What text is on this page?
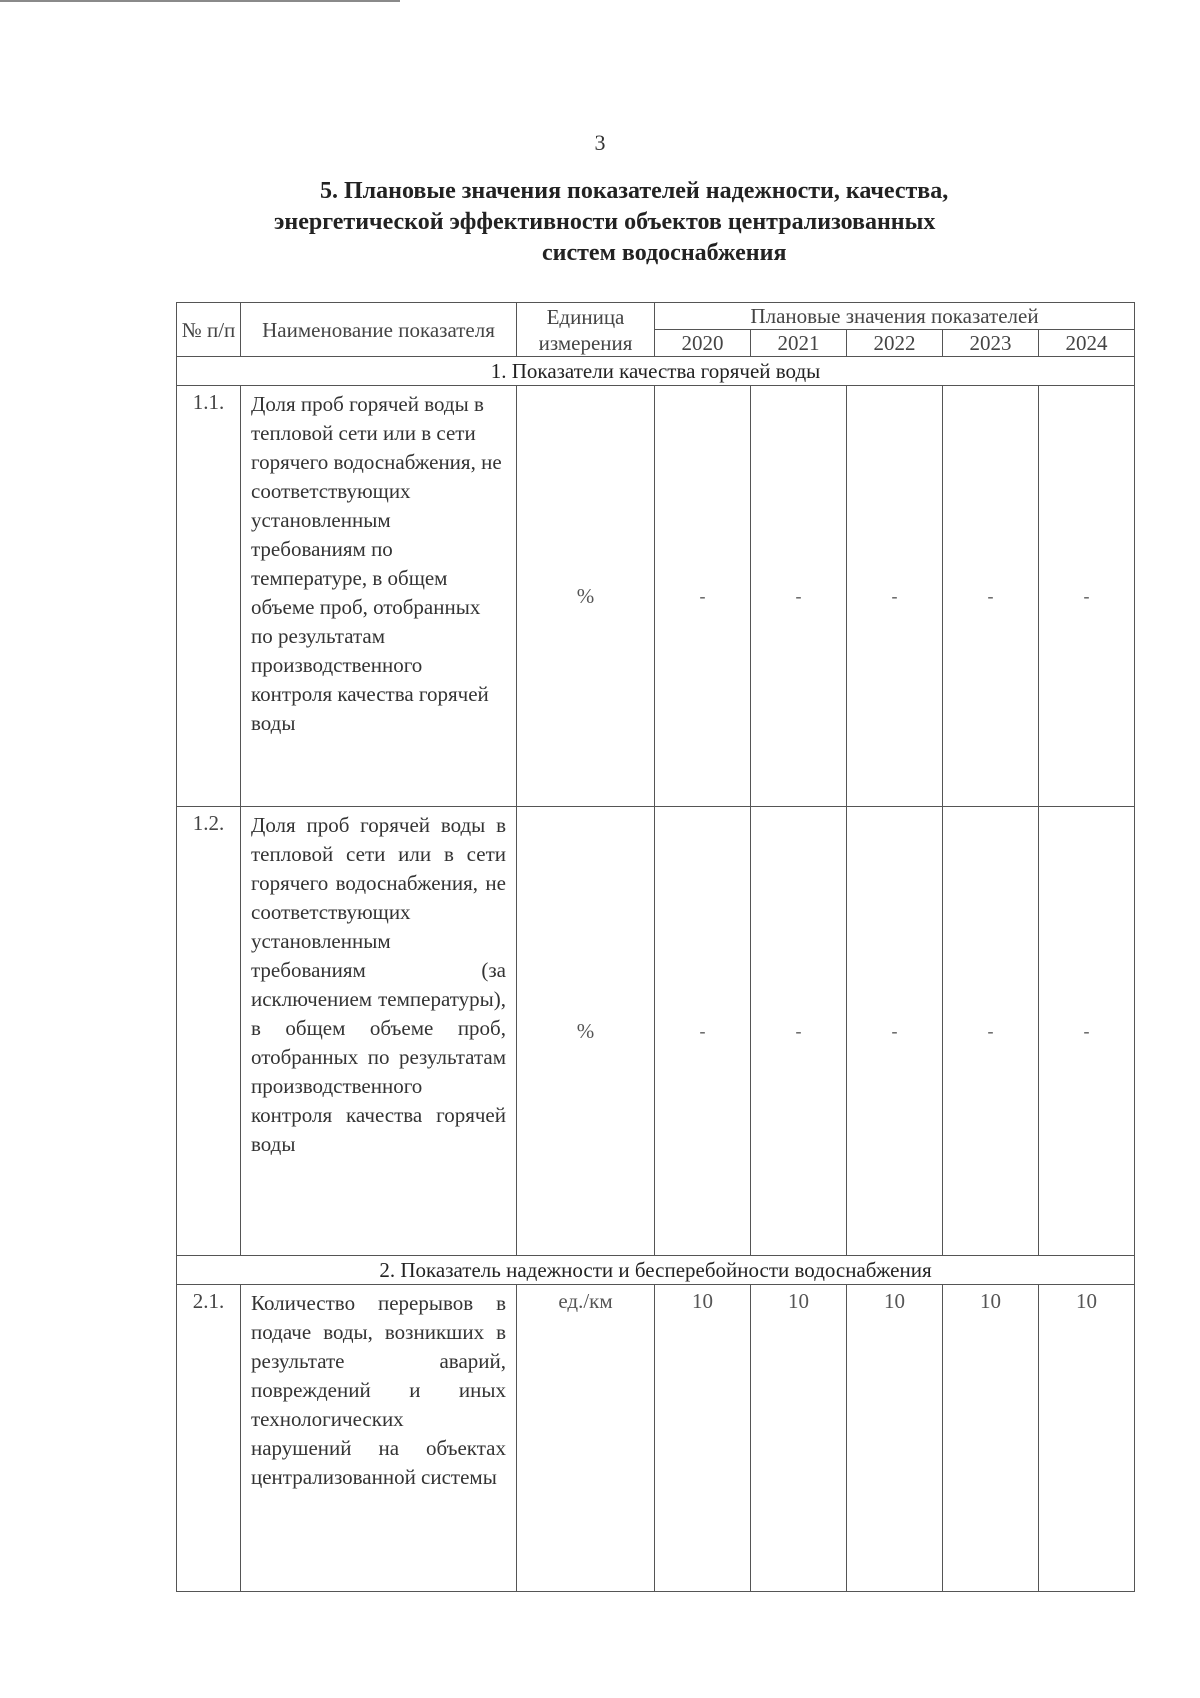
3
5. Плановые значения показателей надежности, качества,
энергетической эффективности объектов централизованных
систем водоснабжения
№ п/п	Наименование показателя	Единица измерения	Плановые значения показателей				
			2020	2021	2022	2023	2024
1. Показатели качества горячей воды							
1.1.	Доля проб горячей воды в тепловой сети или в сети горячего водоснабжения, не соответствующих установленным требованиям по температуре, в общем объеме проб, отобранных по результатам производственного контроля качества горячей воды	%	-	-	-	-	-
1.2.	Доля проб горячей воды в тепловой сети или в сети горячего водоснабжения, не соответствующих установленным требованиям (за исключением температуры), в общем объеме проб, отобранных по результатам производственного контроля качества горячей воды	%	-	-	-	-	-
2. Показатель надежности и бесперебойности водоснабжения							
2.1.	Количество перерывов в подаче воды, возникших в результате аварий, повреждений и иных технологических нарушений на объектах централизованной системы	ед./км	10	10	10	10	10
